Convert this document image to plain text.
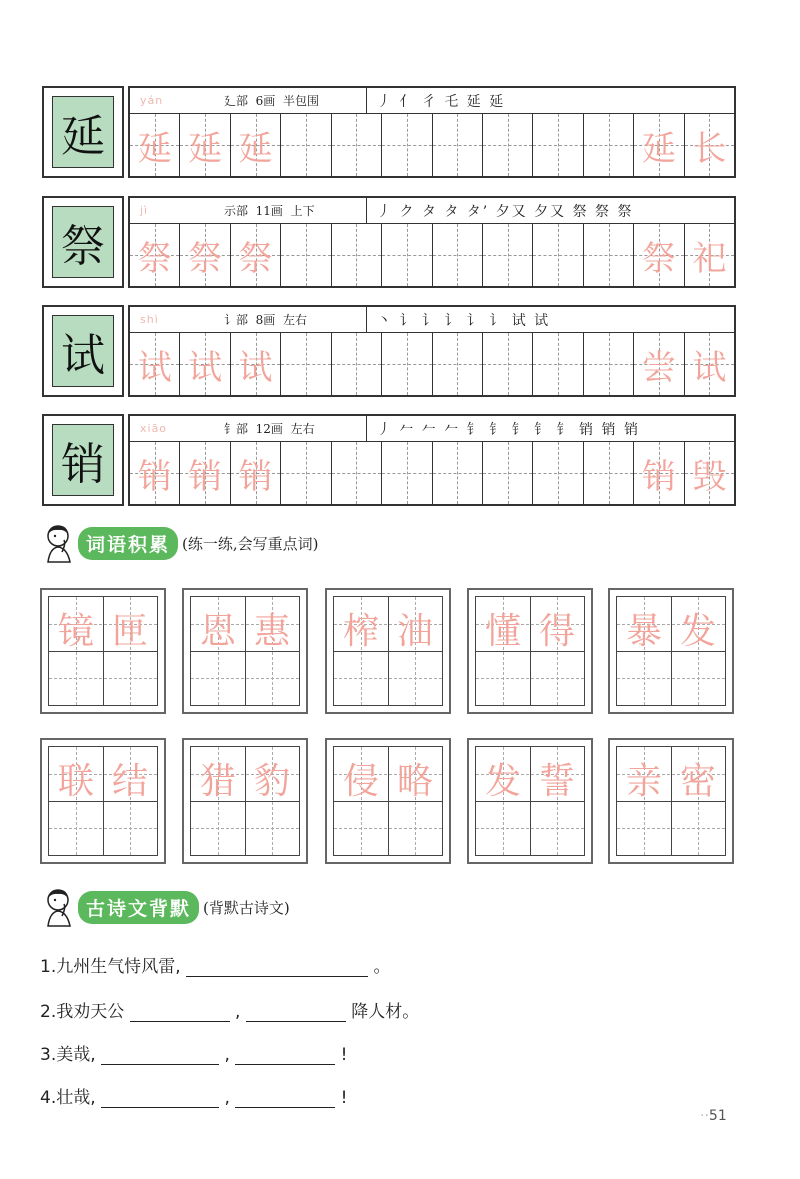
延
yán	廴部 6画 半包围	丿 亻 彳 乇 延 延
延 延 延	延 长
祭
jì	示部 11画 上下	丿 ク タ タ タ’ 夕又 夕又 祭 祭 祭
祭 祭 祭	祭 祀
试
shì	讠部 8画 左右	丶 讠 讠 讠 讠 讠 试 试
试 试 试	尝 试
销
xiāo	钅部 12画 左右	丿 𠂉 𠂉 𠂉 钅 钅 钅 钅 钅 销 销 销
销 销 销	销 毁
词语积累 (练一练,会写重点词)
镜 匣 恩 惠 榨 油 懂 得 暴 发
联 结 猎 豹 侵 略 发 誓 亲 密
古诗文背默 (背默古诗文)
1.九州生气恃风雷,	。
2.我劝天公	,	降人材。
3.美哉,	,	!
4.壮哉,	,	!
··51
